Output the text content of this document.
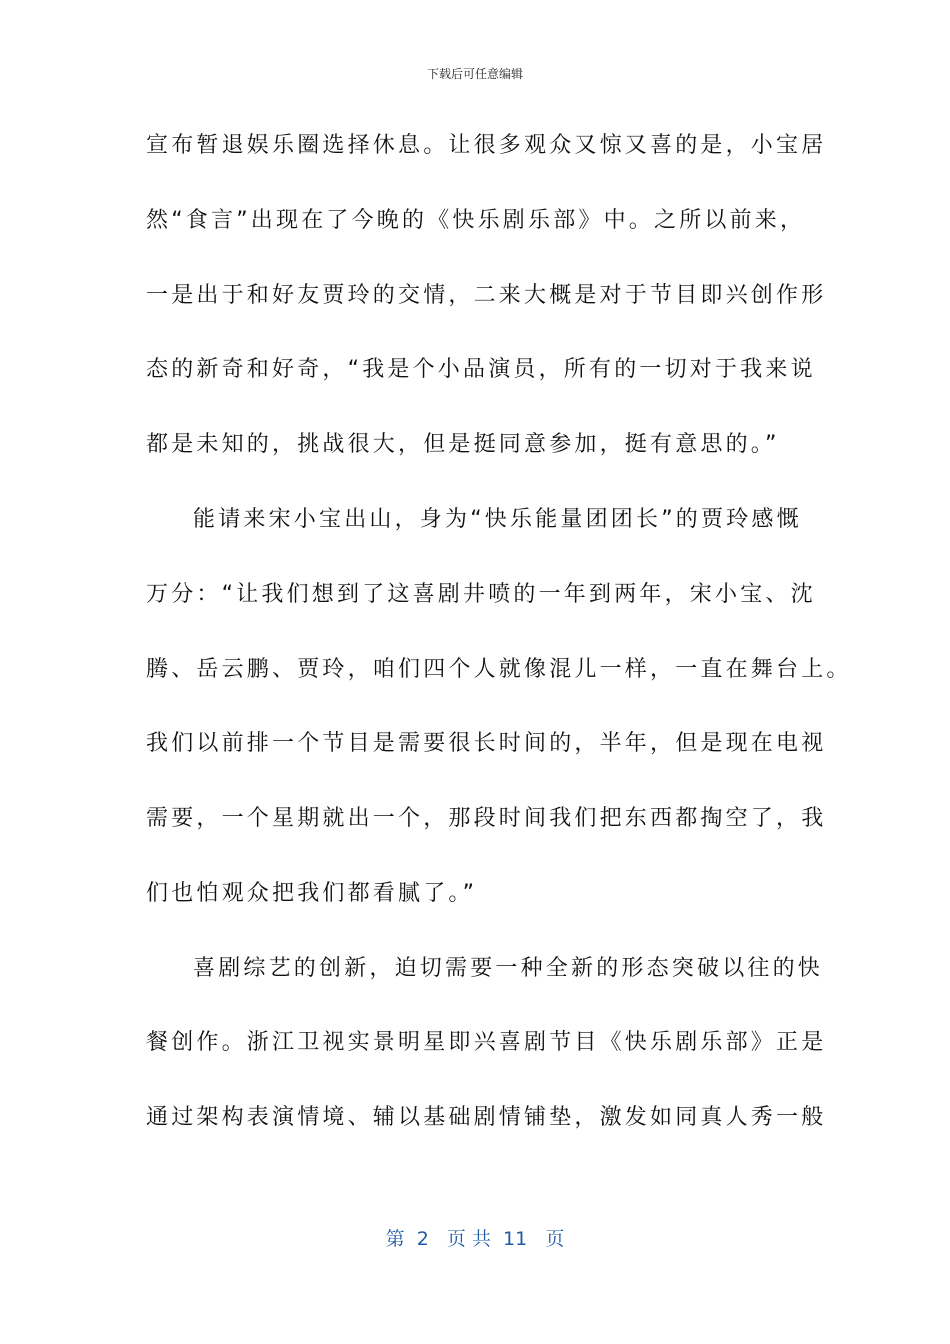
下载后可任意编辑
宣布暂退娱乐圈选择休息。让很多观众又惊又喜的是，小宝居
然“食言”出现在了今晚的《快乐剧乐部》中。之所以前来，
一是出于和好友贾玲的交情，二来大概是对于节目即兴创作形
态的新奇和好奇，“我是个小品演员，所有的一切对于我来说
都是未知的，挑战很大，但是挺同意参加，挺有意思的。”
能请来宋小宝出山，身为“快乐能量团团长”的贾玲感慨
万分：“让我们想到了这喜剧井喷的一年到两年，宋小宝、沈
腾、岳云鹏、贾玲，咱们四个人就像混儿一样，一直在舞台上。
我们以前排一个节目是需要很长时间的，半年，但是现在电视
需要，一个星期就出一个，那段时间我们把东西都掏空了，我
们也怕观众把我们都看腻了。”
喜剧综艺的创新，迫切需要一种全新的形态突破以往的快
餐创作。浙江卫视实景明星即兴喜剧节目《快乐剧乐部》正是
通过架构表演情境、辅以基础剧情铺垫，激发如同真人秀一般
第  2   页 共  11   页
